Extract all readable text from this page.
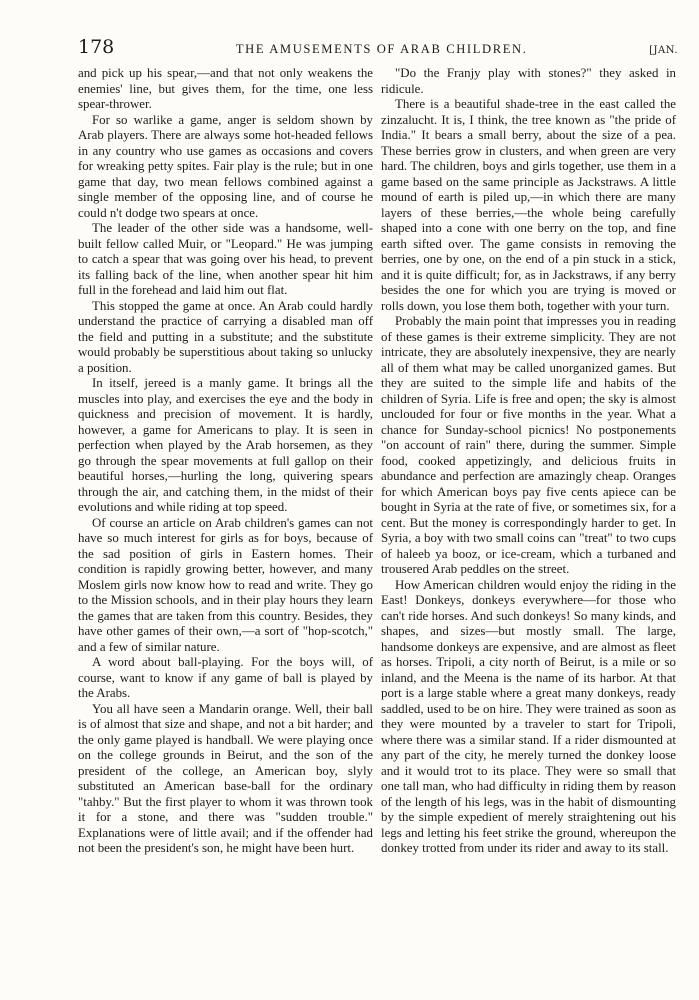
178	THE AMUSEMENTS OF ARAB CHILDREN.	[JAN.

and pick up his spear,—and that not only weakens the enemies' line, but gives them, for the time, one less spear-thrower.

For so warlike a game, anger is seldom shown by Arab players. There are always some hot-headed fellows in any country who use games as occasions and covers for wreaking petty spites. Fair play is the rule; but in one game that day, two mean fellows combined against a single member of the opposing line, and of course he could n't dodge two spears at once.

The leader of the other side was a handsome, well-built fellow called Muir, or "Leopard." He was jumping to catch a spear that was going over his head, to prevent its falling back of the line, when another spear hit him full in the forehead and laid him out flat.

This stopped the game at once. An Arab could hardly understand the practice of carrying a disabled man off the field and putting in a substitute; and the substitute would probably be superstitious about taking so unlucky a position.

In itself, jereed is a manly game. It brings all the muscles into play, and exercises the eye and the body in quickness and precision of movement. It is hardly, however, a game for Americans to play. It is seen in perfection when played by the Arab horsemen, as they go through the spear movements at full gallop on their beautiful horses,—hurling the long, quivering spears through the air, and catching them, in the midst of their evolutions and while riding at top speed.

Of course an article on Arab children's games can not have so much interest for girls as for boys, because of the sad position of girls in Eastern homes. Their condition is rapidly growing better, however, and many Moslem girls now know how to read and write. They go to the Mission schools, and in their play hours they learn the games that are taken from this country. Besides, they have other games of their own,—a sort of "hop-scotch," and a few of similar nature.

A word about ball-playing. For the boys will, of course, want to know if any game of ball is played by the Arabs.

You all have seen a Mandarin orange. Well, their ball is of almost that size and shape, and not a bit harder; and the only game played is handball. We were playing once on the college grounds in Beirut, and the son of the president of the college, an American boy, slyly substituted an American base-ball for the ordinary "tahby." But the first player to whom it was thrown took it for a stone, and there was "sudden trouble." Explanations were of little avail; and if the offender had not been the president's son, he might have been hurt.

"Do the Franjy play with stones?" they asked in ridicule.

There is a beautiful shade-tree in the east called the zinzalucht. It is, I think, the tree known as "the pride of India." It bears a small berry, about the size of a pea. These berries grow in clusters, and when green are very hard. The children, boys and girls together, use them in a game based on the same principle as Jackstraws. A little mound of earth is piled up,—in which there are many layers of these berries,—the whole being carefully shaped into a cone with one berry on the top, and fine earth sifted over. The game consists in removing the berries, one by one, on the end of a pin stuck in a stick, and it is quite difficult; for, as in Jackstraws, if any berry besides the one for which you are trying is moved or rolls down, you lose them both, together with your turn.

Probably the main point that impresses you in reading of these games is their extreme simplicity. They are not intricate, they are absolutely inexpensive, they are nearly all of them what may be called unorganized games. But they are suited to the simple life and habits of the children of Syria. Life is free and open; the sky is almost unclouded for four or five months in the year. What a chance for Sunday-school picnics! No postponements "on account of rain" there, during the summer. Simple food, cooked appetizingly, and delicious fruits in abundance and perfection are amazingly cheap. Oranges for which American boys pay five cents apiece can be bought in Syria at the rate of five, or sometimes six, for a cent. But the money is correspondingly harder to get. In Syria, a boy with two small coins can "treat" to two cups of haleeb ya booz, or ice-cream, which a turbaned and trousered Arab peddles on the street.

How American children would enjoy the riding in the East! Donkeys, donkeys everywhere—for those who can't ride horses. And such donkeys! So many kinds, and shapes, and sizes—but mostly small. The large, handsome donkeys are expensive, and are almost as fleet as horses. Tripoli, a city north of Beirut, is a mile or so inland, and the Meena is the name of its harbor. At that port is a large stable where a great many donkeys, ready saddled, used to be on hire. They were trained as soon as they were mounted by a traveler to start for Tripoli, where there was a similar stand. If a rider dismounted at any part of the city, he merely turned the donkey loose and it would trot to its place. They were so small that one tall man, who had difficulty in riding them by reason of the length of his legs, was in the habit of dismounting by the simple expedient of merely straightening out his legs and letting his feet strike the ground, whereupon the donkey trotted from under its rider and away to its stall.
